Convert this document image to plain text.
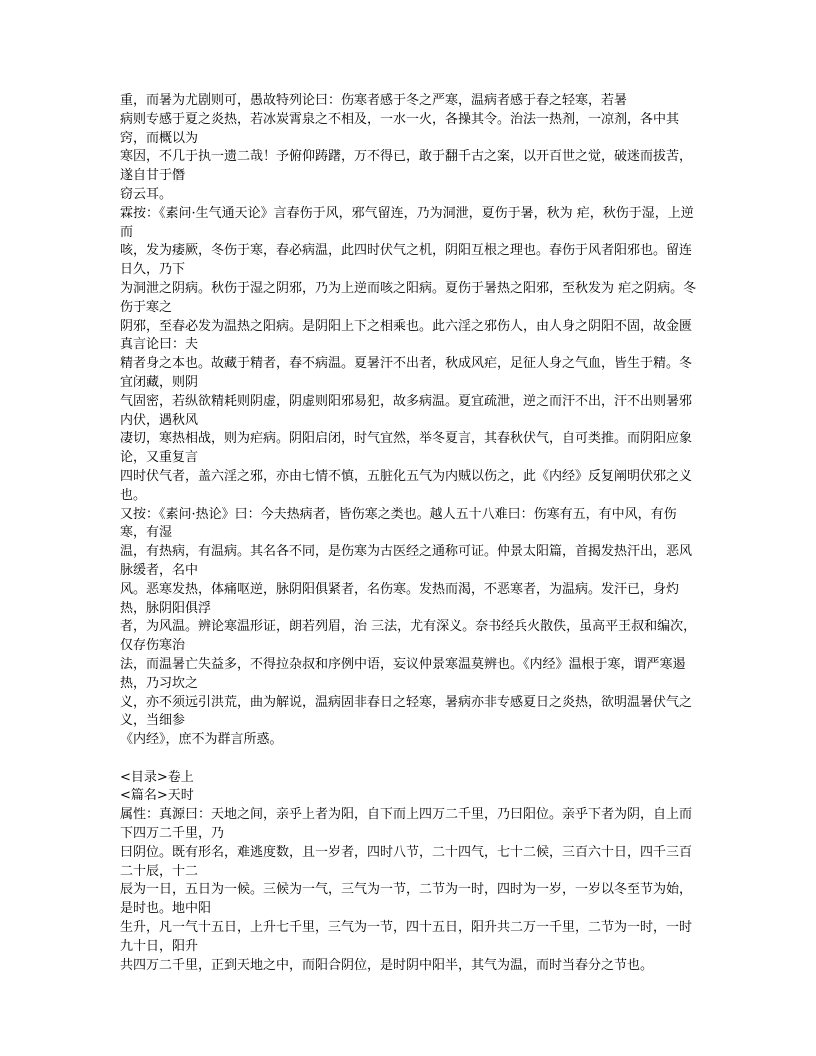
重，而暑为尤剧则可，愚故特列论曰：伤寒者感于冬之严寒，温病者感于春之轻寒，若暑

病则专感于夏之炎热，若冰炭霄泉之不相及，一水一火，各操其令。治法一热剂，一凉剂，各中其窍，而概以为

寒因，不几于执一遗二哉！予俯仰踌躇，万不得已，敢于翻千古之案，以开百世之觉，破迷而拔苦，遂自甘于僭

窃云耳。

霖按：《素问·生气通天论》言春伤于风，邪气留连，乃为洞泄，夏伤于暑，秋为 疟，秋伤于湿，上逆而

咳，发为痿厥，冬伤于寒，春必病温，此四时伏气之机，阴阳互根之理也。春伤于风者阳邪也。留连日久，乃下

为洞泄之阴病。秋伤于湿之阴邪，乃为上逆而咳之阳病。夏伤于暑热之阳邪，至秋发为 疟之阴病。冬伤于寒之

阴邪，至春必发为温热之阳病。是阴阳上下之相乘也。此六淫之邪伤人，由人身之阴阳不固，故金匮真言论曰：夫

精者身之本也。故藏于精者，春不病温。夏暑汗不出者，秋成风疟，足征人身之气血，皆生于精。冬宜闭藏，则阴

气固密，若纵欲精耗则阴虚，阴虚则阳邪易犯，故多病温。夏宜疏泄，逆之而汗不出，汗不出则暑邪内伏，遇秋风

凄切，寒热相战，则为疟病。阴阳启闭，时气宜然，举冬夏言，其春秋伏气，自可类推。而阴阳应象论，又重复言

四时伏气者，盖六淫之邪，亦由七情不慎，五脏化五气为内贼以伤之，此《内经》反复阐明伏邪之义也。

又按：《素问·热论》曰：今夫热病者，皆伤寒之类也。越人五十八难曰：伤寒有五，有中风，有伤寒，有湿

温，有热病，有温病。其名各不同，是伤寒为古医经之通称可证。仲景太阳篇，首揭发热汗出，恶风脉缓者，名中

风。恶寒发热，体痛呕逆，脉阴阳俱紧者，名伤寒。发热而渴，不恶寒者，为温病。发汗已，身灼热，脉阴阳俱浮

者，为风温。辨论寒温形证，朗若列眉，治 三法，尤有深义。奈书经兵火散佚，虽高平王叔和编次，仅存伤寒治

法，而温暑亡失益多，不得拉杂叔和序例中语，妄议仲景寒温莫辨也。《内经》温根于寒，谓严寒遏热，乃习坎之

义，亦不须远引洪荒，曲为解说，温病固非春日之轻寒，暑病亦非专感夏日之炎热，欲明温暑伏气之义，当细参

《内经》，庶不为群言所惑。

<目录>卷上

<篇名>天时

属性：真源曰：天地之间，亲乎上者为阳，自下而上四万二千里，乃曰阳位。亲乎下者为阴，自上而下四万二千里，乃

曰阴位。既有形名，难逃度数，且一岁者，四时八节，二十四气，七十二候，三百六十日，四千三百二十辰，十二

辰为一日，五日为一候。三候为一气，三气为一节，二节为一时，四时为一岁，一岁以冬至节为始，是时也。地中阳

生升，凡一气十五日，上升七千里，三气为一节，四十五日，阳升共二万一千里，二节为一时，一时九十日，阳升

共四万二千里，正到天地之中，而阳合阴位，是时阴中阳半，其气为温，而时当春分之节也。
